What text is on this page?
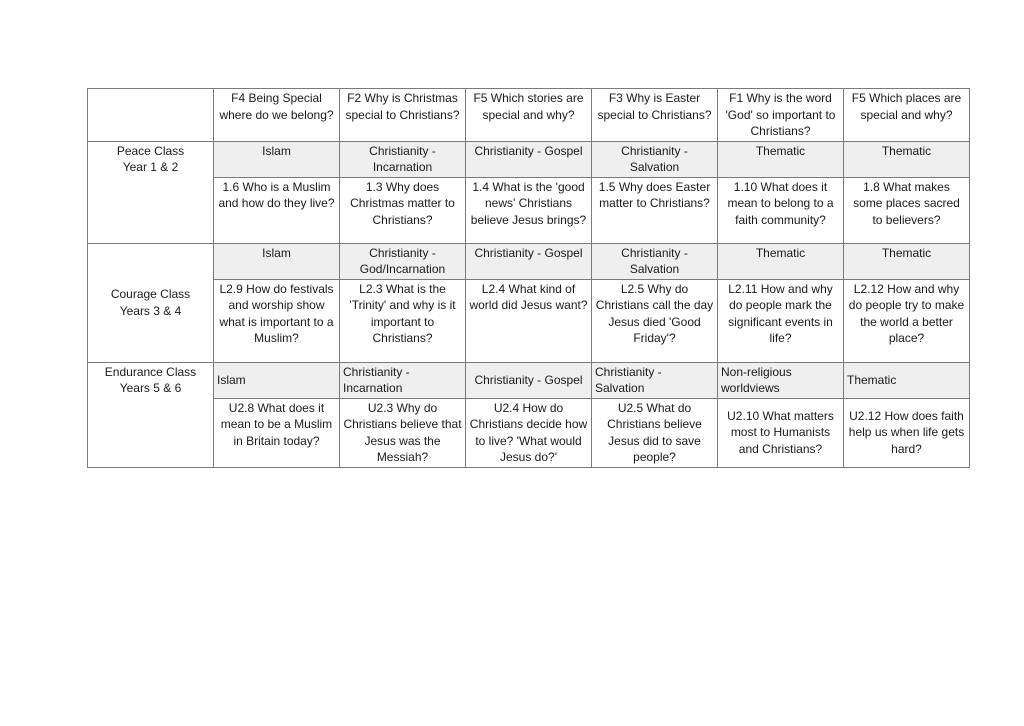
	F4 Being Special where do we belong?	F2 Why is Christmas special to Christians?	F5 Which stories are special and why?	F3 Why is Easter special to Christians?	F1 Why is the word 'God' so important to Christians?	F5 Which places are special and why?

Peace Class
Year 1 & 2	Islam	Christianity - Incarnation	Christianity - Gospel	Christianity - Salvation	Thematic	Thematic
	1.6 Who is a Muslim and how do they live?	1.3 Why does Christmas matter to Christians?	1.4 What is the 'good news' Christians believe Jesus brings?	1.5 Why does Easter matter to Christians?	1.10 What does it mean to belong to a faith community?	1.8 What makes some places sacred to believers?

Courage Class
Years 3 & 4	Islam	Christianity - God/Incarnation	Christianity - Gospel	Christianity - Salvation	Thematic	Thematic
	L2.9 How do festivals and worship show what is important to a Muslim?	L2.3 What is the 'Trinity' and why is it important to Christians?	L2.4 What kind of world did Jesus want?	L2.5 Why do Christians call the day Jesus died 'Good Friday'?	L2.11 How and why do people mark the significant events in life?	L2.12 How and why do people try to make the world a better place?

Endurance Class
Years 5 & 6	Islam	Christianity - Incarnation	Christianity - Gospel	Christianity - Salvation	Non-religious worldviews	Thematic
	U2.8 What does it mean to be a Muslim in Britain today?	U2.3 Why do Christians believe that Jesus was the Messiah?	U2.4 How do Christians decide how to live? 'What would Jesus do?'	U2.5 What do Christians believe Jesus did to save people?	U2.10 What matters most to Humanists and Christians?	U2.12 How does faith help us when life gets hard?
